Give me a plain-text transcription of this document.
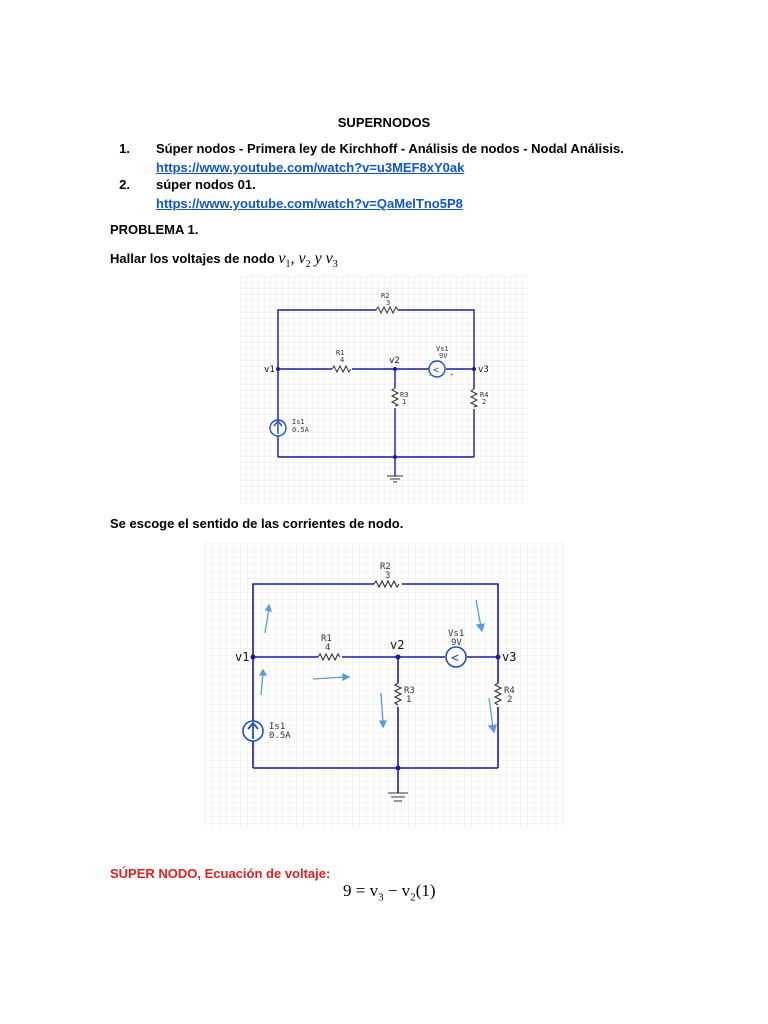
SUPERNODOS
1. Súper nodos - Primera ley de Kirchhoff - Análisis de nodos - Nodal Análisis.
https://www.youtube.com/watch?v=u3MEF8xY0ak
2. súper nodos 01.
https://www.youtube.com/watch?v=QaMelTno5P8
PROBLEMA 1.
Hallar los voltajes de nodo $v_1$, $v_2$ y $v_3$
<
-	+
R2
3
R1
4
R3
1
R4
2
Vs1
9V
Is1
0.5A
v1
v2
v3
Se escoge el sentido de las corrientes de nodo.
<
R2
3
R1
4
R3
1
R4
2
Vs1
9V
Is1
0.5A
v1
v2
v3
SÚPER NODO, Ecuación de voltaje:
$9 = v_3 - v_2(1)$
